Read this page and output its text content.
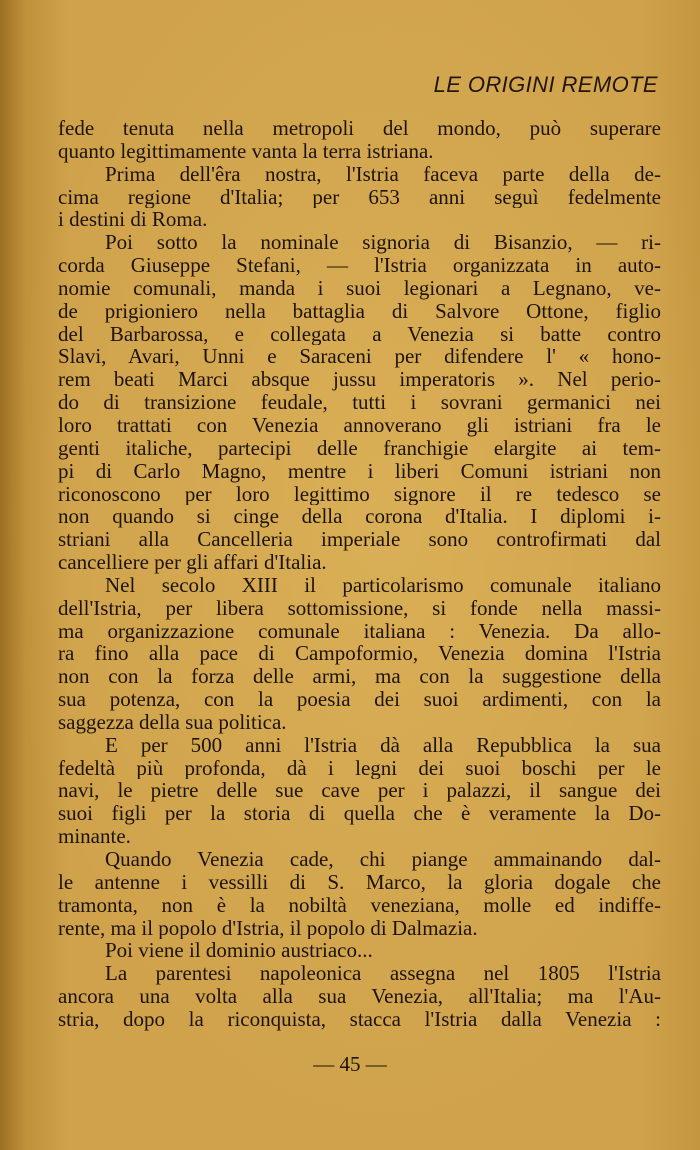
LE ORIGINI REMOTE
fede tenuta nella metropoli del mondo, può superare
quanto legittimamente vanta la terra istriana.
Prima dell'êra nostra, l'Istria faceva parte della de-
cima regione d'Italia; per 653 anni seguì fedelmente
i destini di Roma.
Poi sotto la nominale signoria di Bisanzio, — ri-
corda Giuseppe Stefani, — l'Istria organizzata in auto-
nomie comunali, manda i suoi legionari a Legnano, ve-
de prigioniero nella battaglia di Salvore Ottone, figlio
del Barbarossa, e collegata a Venezia si batte contro
Slavi, Avari, Unni e Saraceni per difendere l' « hono-
rem beati Marci absque jussu imperatoris ». Nel perio-
do di transizione feudale, tutti i sovrani germanici nei
loro trattati con Venezia annoverano gli istriani fra le
genti italiche, partecipi delle franchigie elargite ai tem-
pi di Carlo Magno, mentre i liberi Comuni istriani non
riconoscono per loro legittimo signore il re tedesco se
non quando si cinge della corona d'Italia. I diplomi i-
striani alla Cancelleria imperiale sono controfirmati dal
cancelliere per gli affari d'Italia.
Nel secolo XIII il particolarismo comunale italiano
dell'Istria, per libera sottomissione, si fonde nella massi-
ma organizzazione comunale italiana : Venezia. Da allo-
ra fino alla pace di Campoformio, Venezia domina l'Istria
non con la forza delle armi, ma con la suggestione della
sua potenza, con la poesia dei suoi ardimenti, con la
saggezza della sua politica.
E per 500 anni l'Istria dà alla Repubblica la sua
fedeltà più profonda, dà i legni dei suoi boschi per le
navi, le pietre delle sue cave per i palazzi, il sangue dei
suoi figli per la storia di quella che è veramente la Do-
minante.
Quando Venezia cade, chi piange ammainando dal-
le antenne i vessilli di S. Marco, la gloria dogale che
tramonta, non è la nobiltà veneziana, molle ed indiffe-
rente, ma il popolo d'Istria, il popolo di Dalmazia.
Poi viene il dominio austriaco...
La parentesi napoleonica assegna nel 1805 l'Istria
ancora una volta alla sua Venezia, all'Italia; ma l'Au-
stria, dopo la riconquista, stacca l'Istria dalla Venezia :
— 45 —
